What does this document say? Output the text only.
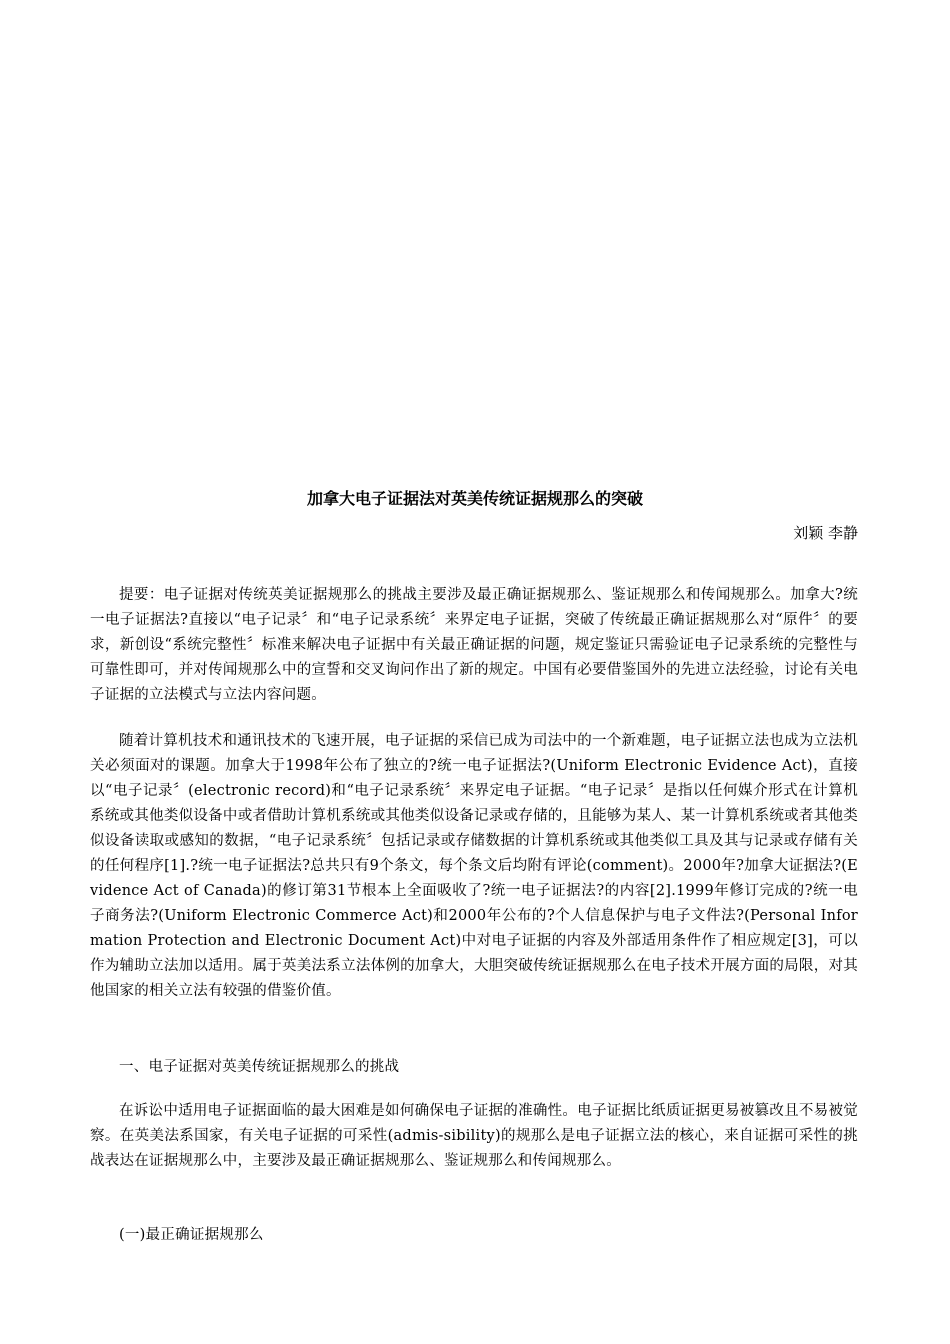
加拿大电子证据法对英美传统证据规那么的突破
刘颖 李静

提要：电子证据对传统英美证据规那么的挑战主要涉及最正确证据规那么、鉴证规那么和传闻规那么。加拿大?统一电子证据法?直接以“电子记录〞和“电子记录系统〞来界定电子证据，突破了传统最正确证据规那么对“原件〞的要求，新创设“系统完整性〞标准来解决电子证据中有关最正确证据的问题，规定鉴证只需验证电子记录系统的完整性与可靠性即可，并对传闻规那么中的宣誓和交叉询问作出了新的规定。中国有必要借鉴国外的先进立法经验，讨论有关电子证据的立法模式与立法内容问题。

随着计算机技术和通讯技术的飞速开展，电子证据的采信已成为司法中的一个新难题，电子证据立法也成为立法机关必须面对的课题。加拿大于1998年公布了独立的?统一电子证据法?(Uniform Electronic Evidence Act)，直接以“电子记录〞(electronic record)和“电子记录系统〞来界定电子证据。“电子记录〞是指以任何媒介形式在计算机系统或其他类似设备中或者借助计算机系统或其他类似设备记录或存储的，且能够为某人、某一计算机系统或者其他类似设备读取或感知的数据，“电子记录系统〞包括记录或存储数据的计算机系统或其他类似工具及其与记录或存储有关的任何程序[1].?统一电子证据法?总共只有9个条文，每个条文后均附有评论(comment)。2000年?加拿大证据法?(Evidence Act of Canada)的修订第31节根本上全面吸收了?统一电子证据法?的内容[2].1999年修订完成的?统一电子商务法?(Uniform Electronic Commerce Act)和2000年公布的?个人信息保护与电子文件法?(Personal Information Protection and Electronic Document Act)中对电子证据的内容及外部适用条件作了相应规定[3]，可以作为辅助立法加以适用。属于英美法系立法体例的加拿大，大胆突破传统证据规那么在电子技术开展方面的局限，对其他国家的相关立法有较强的借鉴价值。

一、电子证据对英美传统证据规那么的挑战

在诉讼中适用电子证据面临的最大困难是如何确保电子证据的准确性。电子证据比纸质证据更易被篡改且不易被觉察。在英美法系国家，有关电子证据的可采性(admis-sibility)的规那么是电子证据立法的核心，来自证据可采性的挑战表达在证据规那么中，主要涉及最正确证据规那么、鉴证规那么和传闻规那么。

(一)最正确证据规那么
